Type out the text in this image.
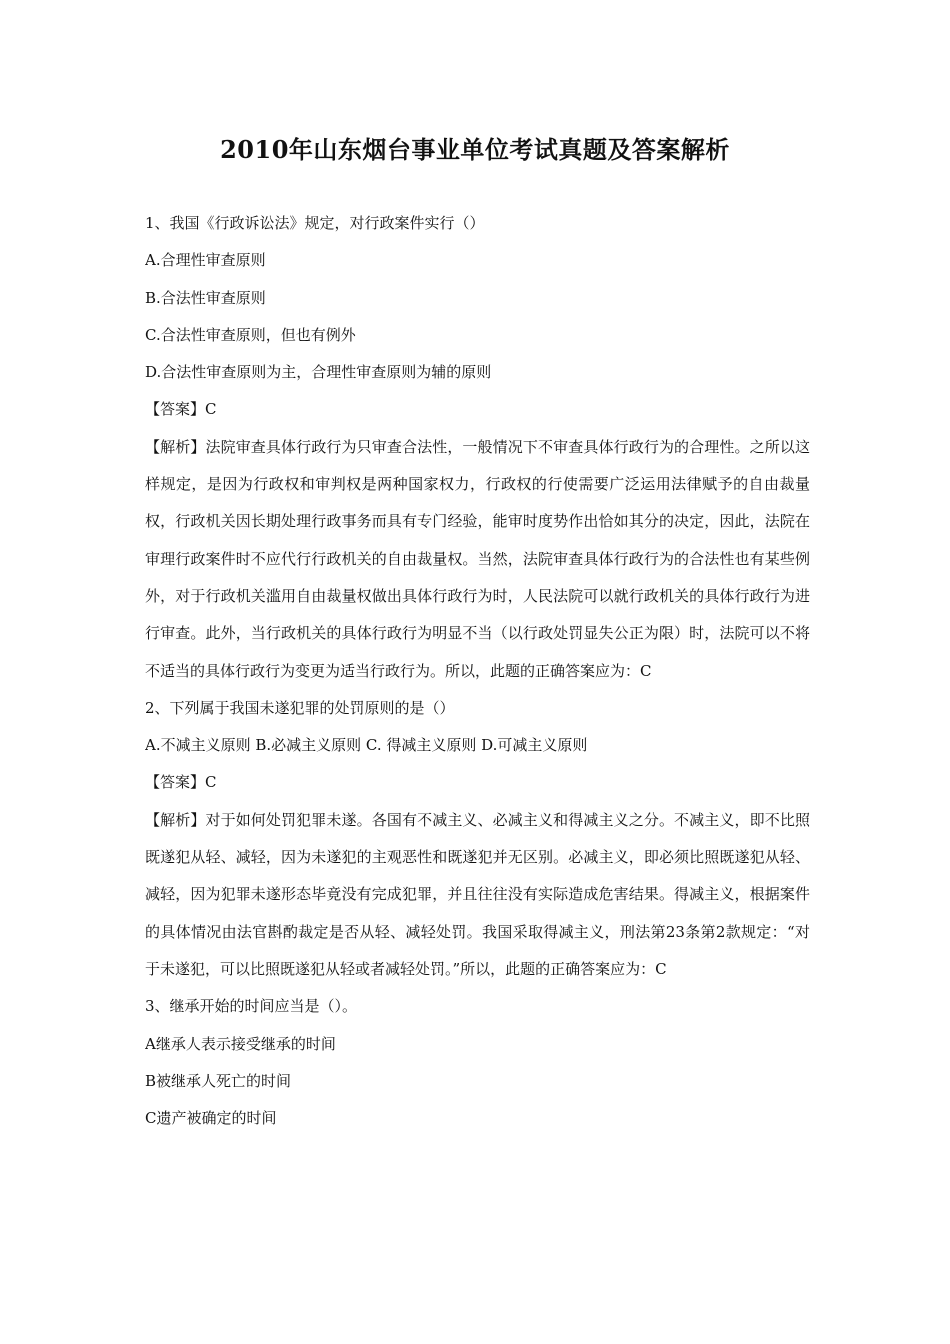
2010年山东烟台事业单位考试真题及答案解析
1、我国《行政诉讼法》规定，对行政案件实行（）
A.合理性审查原则
B.合法性审查原则
C.合法性审查原则，但也有例外
D.合法性审查原则为主，合理性审查原则为辅的原则
【答案】C
【解析】法院审查具体行政行为只审查合法性，一般情况下不审查具体行政行为的合理性。之所以这样规定，是因为行政权和审判权是两种国家权力，行政权的行使需要广泛运用法律赋予的自由裁量权，行政机关因长期处理行政事务而具有专门经验，能审时度势作出恰如其分的决定，因此，法院在审理行政案件时不应代行行政机关的自由裁量权。当然，法院审查具体行政行为的合法性也有某些例外，对于行政机关滥用自由裁量权做出具体行政行为时，人民法院可以就行政机关的具体行政行为进行审查。此外，当行政机关的具体行政行为明显不当（以行政处罚显失公正为限）时，法院可以不将不适当的具体行政行为变更为适当行政行为。所以，此题的正确答案应为：C
2、下列属于我国未遂犯罪的处罚原则的是（）
A.不减主义原则 B.必减主义原则 C. 得减主义原则 D.可减主义原则
【答案】C
【解析】对于如何处罚犯罪未遂。各国有不减主义、必减主义和得减主义之分。不减主义，即不比照既遂犯从轻、减轻，因为未遂犯的主观恶性和既遂犯并无区别。必减主义，即必须比照既遂犯从轻、减轻，因为犯罪未遂形态毕竟没有完成犯罪，并且往往没有实际造成危害结果。得减主义，根据案件的具体情况由法官斟酌裁定是否从轻、减轻处罚。我国采取得减主义，刑法第23条第2款规定：“对于未遂犯，可以比照既遂犯从轻或者减轻处罚。”所以，此题的正确答案应为：C
3、继承开始的时间应当是（）。
A继承人表示接受继承的时间
B被继承人死亡的时间
C遗产被确定的时间
